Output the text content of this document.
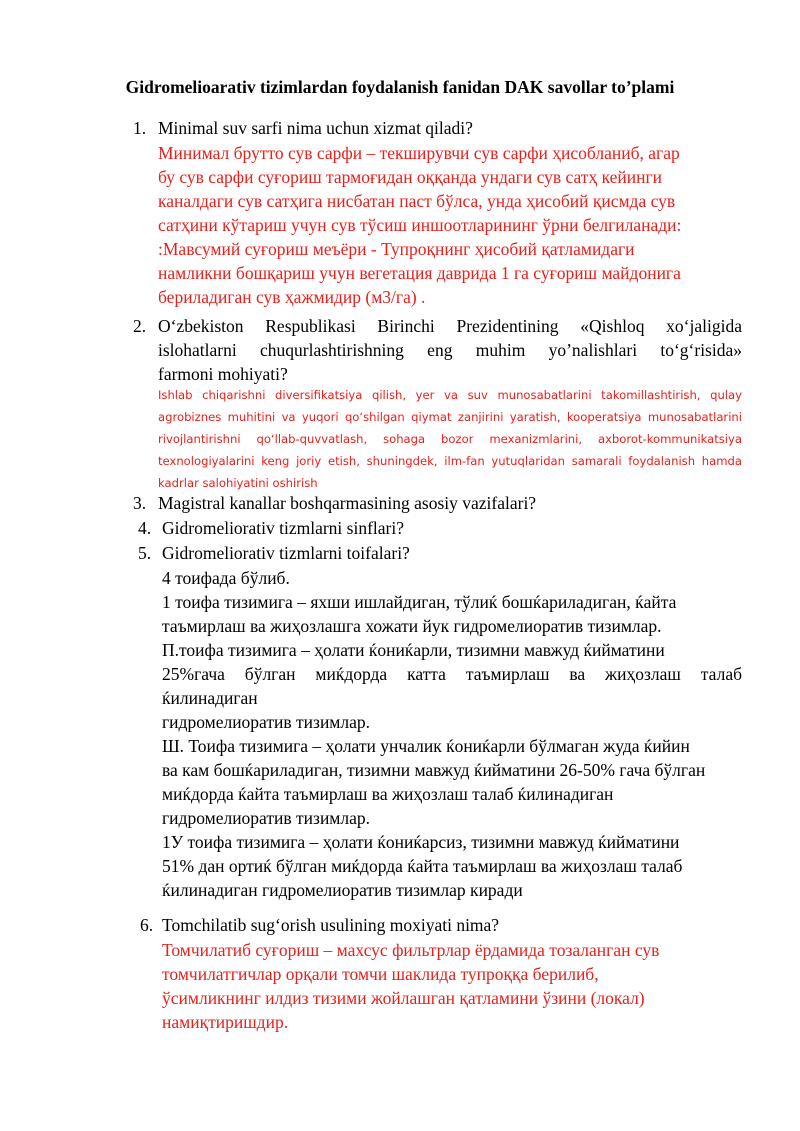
Gidromelioarativ tizimlardan foydalanish fanidan DAK savollar to’plami
1. Minimal suv sarfi nima uchun xizmat qiladi?
Минимал брутто сув сарфи – текширувчи сув сарфи ҳисобланиб, агар
бу сув сарфи суғориш тармоғидан оққанда ундаги сув сатҳ кейинги
каналдаги сув сатҳига нисбатан паст бўлса, унда ҳисобий қисмда сув
сатҳини кўтариш учун сув тўсиш иншоотларининг ўрни белгиланади:
:Мавсумий суғориш меъёри - Тупроқнинг ҳисобий қатламидаги
намликни бошқариш учун вегетация даврида 1 га суғориш майдонига
бериладиган сув ҳажмидир (м3/га) .
2. O‘zbekiston Respublikasi Birinchi Prezidentining «Qishloq xo‘jaligida
islohatlarni chuqurlashtirishning eng muhim yo’nalishlari to‘g‘risida»
farmoni mohiyati?
Ishlab chiqarishni diversifikatsiya qilish, yer va suv munosabatlarini takomillashtirish, qulay
agrobiznes muhitini va yuqori qo‘shilgan qiymat zanjirini yaratish, kooperatsiya munosabatlarini
rivojlantirishni qo‘llab-quvvatlash, sohaga bozor mexanizmlarini, axborot-kommunikatsiya
texnologiyalarini keng joriy etish, shuningdek, ilm-fan yutuqlaridan samarali foydalanish hamda
kadrlar salohiyatini oshirish
3. Magistral kanallar boshqarmasining asosiy vazifalari?
4. Gidromeliorativ tizmlarni sinflari?
5. Gidromeliorativ tizmlarni toifalari?
4 тоифада бўлиб.
1 тоифа тизимига – яхши ишлайдиган, тўлиќ бошќариладиган, ќайта
таъмирлаш ва жиҳозлашга хожати йук гидромелиоратив тизимлар.
П.тоифа тизимига – ҳолати ќониќарли, тизимни мавжуд ќийматини
25%гача бўлган миќдорда катта таъмирлаш ва жиҳозлаш талаб
ќилинадиган
гидромелиоратив тизимлар.
Ш. Тоифа тизимига – ҳолати унчалик ќониќарли бўлмаган жуда ќийин
ва кам бошќариладиган, тизимни мавжуд ќийматини 26-50% гача бўлган
миќдорда ќайта таъмирлаш ва жиҳозлаш талаб ќилинадиган
гидромелиоратив тизимлар.
1У тоифа тизимига – ҳолати ќониќарсиз, тизимни мавжуд ќийматини
51% дан ортиќ бўлган миќдорда ќайта таъмирлаш ва жиҳозлаш талаб
ќилинадиган гидромелиоратив тизимлар киради
6. Tomchilatib sug‘orish usulining moxiyati nima?
Томчилатиб суғориш – махсус фильтрлар ёрдамида тозаланган сув
томчилатгичлар орқали томчи шаклида тупроққа берилиб,
ўсимликнинг илдиз тизими жойлашган қатламини ўзини (локал)
намиқтиришдир.
